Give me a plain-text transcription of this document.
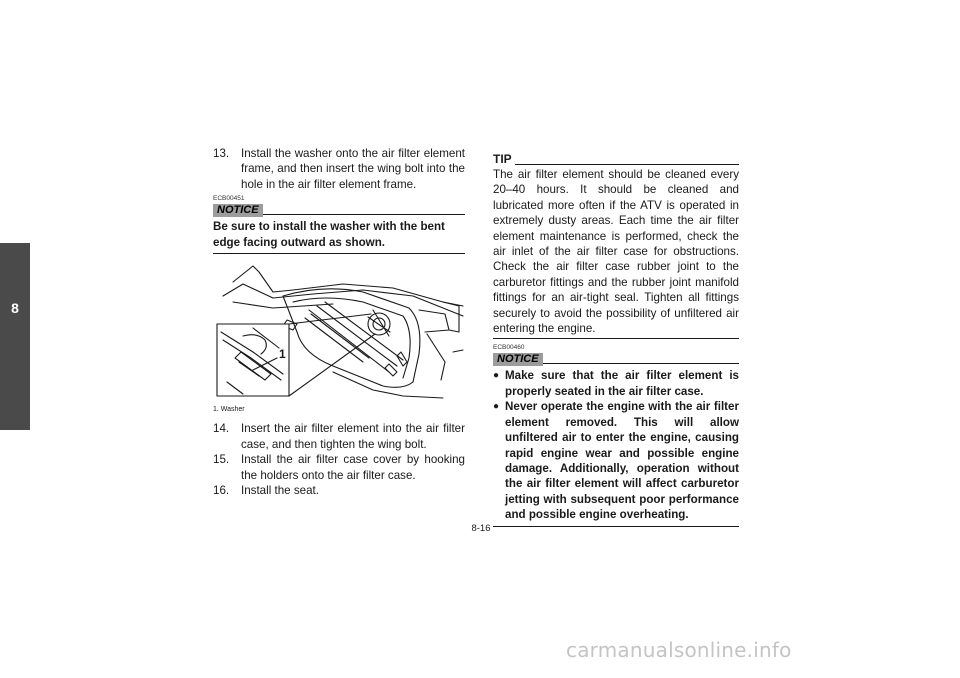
8
13. Install the washer onto the air filter element frame, and then insert the wing bolt into the hole in the air filter element frame.
ECB00451
NOTICE
Be sure to install the washer with the bent edge facing outward as shown.
1
1. Washer
14. Insert the air filter element into the air filter case, and then tighten the wing bolt.
15. Install the air filter case cover by hooking the holders onto the air filter case.
16. Install the seat.
TIP
The air filter element should be cleaned every 20–40 hours. It should be cleaned and lubricated more often if the ATV is operated in extremely dusty areas. Each time the air filter element maintenance is performed, check the air inlet of the air filter case for obstructions. Check the air filter case rubber joint to the carburetor fittings and the rubber joint manifold fittings for an air-tight seal. Tighten all fittings securely to avoid the possibility of unfiltered air entering the engine.
ECB00460
NOTICE
● Make sure that the air filter element is properly seated in the air filter case.
● Never operate the engine with the air filter element removed. This will allow unfiltered air to enter the engine, causing rapid engine wear and possible engine damage. Additionally, operation without the air filter element will affect carburetor jetting with subsequent poor performance and possible engine overheating.
8-16
carmanualsonline.info
